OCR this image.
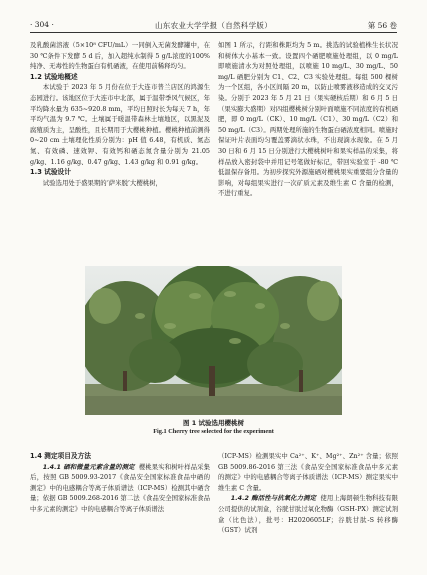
· 304 ·	山东农业大学学报（自然科学版）	第 56 卷

及乳酸菌溶液（5×10⁸ CFU/mL）一同倒入无菌发酵罐中，在 30 ℃条件下发酵 5 d 后，加入超纯水制得 5 g/L浓度的100%纯净、无毒性的生物蛋白有机硒液，在使用前稀释均匀。

1.2 试验地概述

本试验于 2023 年 5 月份在位于大连市普兰店区的鸿源生态园进行。该地区位于大连市中北部，属于温带季风气候区，年平均降水量为 635~920.8 mm，平均日照时长为每天 7 h，年平均气温为 9.7 ℃。土壤属于暖温带森林土壤地区，以黑泥及腐殖质为主，呈酸性，且长期用于大樱桃种植。樱桃种植前测得 0~20 cm 土壤理化性质分别为：pH 值 6.48，有机质、氮态氮、有效磷、速效钾、有效钙和硒态氮含量分别为 21.05 g/kg、1.16 g/kg、0.47 g/kg、1.43 g/kg 和 0.91 g/kg。

1.3 试验设计

试验选用处于盛果期的‘萨米脱’大樱桃树，

如图 1 所示，行距和株距均为 5 m。挑选的试验植株生长状况和树体大小基本一致。设置四个硒肥喷施处理组，以 0 mg/L 即喷施清水为对照处理组，以喷施 10 mg/L、30 mg/L、50 mg/L 硒肥分别为 C1、C2、C3 实验处理组。每组 500 棵树为一个区组，各小区间隔 20 m，以防止喷雾液移造成的交叉污染。分别于 2023 年 5 月 21 日（果实硬核后期）和 6 月 5 日（果实膨大盛期）对四组樱桃树分别叶面喷施不同浓度的有机硒肥，即 0 mg/L（CK）、10 mg/L（C1）、30 mg/L（C2）和 50 mg/L（C3）。两期处理所施的生物蛋白硒浓度相同。喷施时保证叶片表面均匀覆盖雾滴状水珠，不出现滴水现象。在 5 月 30 日和 6 月 15 日分别进行大樱桃树叶和果实样品的采集，将样品放入密封袋中并用记号笔做好标记，带回实验室于 -80 ℃低温保存备用。为初步探究外源施硒对樱桃果实重要组分含量的影响，对每组果实进行一次矿质元素及维生素 C 含量的检测，不进行重复。

图 1 试验选用樱桃树
Fig.1 Cherry tree selected for the experiment

1.4 测定项目及方法

1.4.1 硒和微量元素含量的测定 樱桃果实和树叶样品采集后，按照 GB 5009.93-2017《食品安全国家标准食品中硒的测定》中的电感耦合等离子体质谱法（ICP-MS）检测其中硒含量；依据 GB 5009.268-2016 第二法《食品安全国家标准食品中多元素的测定》中的电感耦合等离子体质谱法

（ICP-MS）检测果实中 Ca²⁺、K⁺、Mg²⁺、Zn²⁺ 含量；依照 GB 5009.86-2016 第三法《食品安全国家标准食品中多元素的测定》中的电感耦合等离子体质谱法（ICP-MS）测定果实中维生素 C 含量。

1.4.2 酶活性与抗氧化力测定 使用上海朗顿生物科技有限公司提供的试剂盒，谷胱甘肽过氧化物酶（GSH-PX）测定试剂盒（比色法），批号：H2020605LF；谷胱甘肽-S 转移酶（GST）试剂
